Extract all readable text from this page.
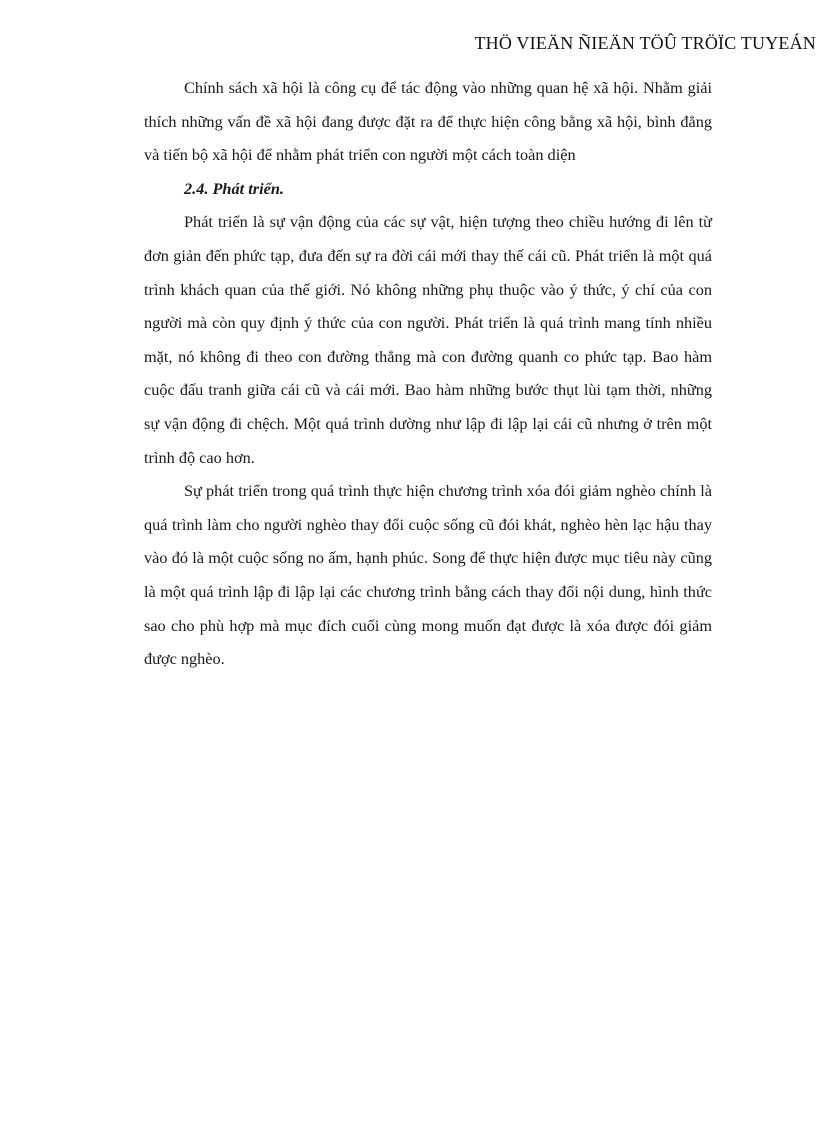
THÖ VIEÄN ÑIEÄN TÖÛ TRÖÏC TUYEÁN

Chính sách xã hội là công cụ để tác động vào những quan hệ xã hội. Nhằm giải thích những vấn đề xã hội đang được đặt ra để thực hiện công bằng xã hội, bình đẳng và tiến bộ xã hội để nhằm phát triển con người một cách toàn diện

2.4. Phát triển.

Phát triển là sự vận động của các sự vật, hiện tượng theo chiều hướng đi lên từ đơn giản đến phức tạp, đưa đến sự ra đời cái mới thay thế cái cũ. Phát triển là một quá trình khách quan của thế giới. Nó không những phụ thuộc vào ý thức, ý chí của con người mà còn quy định ý thức của con người. Phát triển là quá trình mang tính nhiều mặt, nó không đi theo con đường thẳng mà con đường quanh co phức tạp. Bao hàm cuộc đấu tranh giữa cái cũ và cái mới. Bao hàm những bước thụt lùi tạm thời, những sự vận động đi chệch. Một quá trình dường như lập đi lập lại cái cũ nhưng ở trên một trình độ cao hơn.

Sự phát triển trong quá trình thực hiện chương trình xóa đói giảm nghèo chính là quá trình làm cho người nghèo thay đổi cuộc sống cũ đói khát, nghèo hèn lạc hậu thay vào đó là một cuộc sống no ấm, hạnh phúc. Song để thực hiện được mục tiêu này cũng là một quá trình lập đi lập lại các chương trình bằng cách thay đổi nội dung, hình thức sao cho phù hợp mà mục đích cuối cùng mong muốn đạt được là xóa được đói giảm được nghèo.
